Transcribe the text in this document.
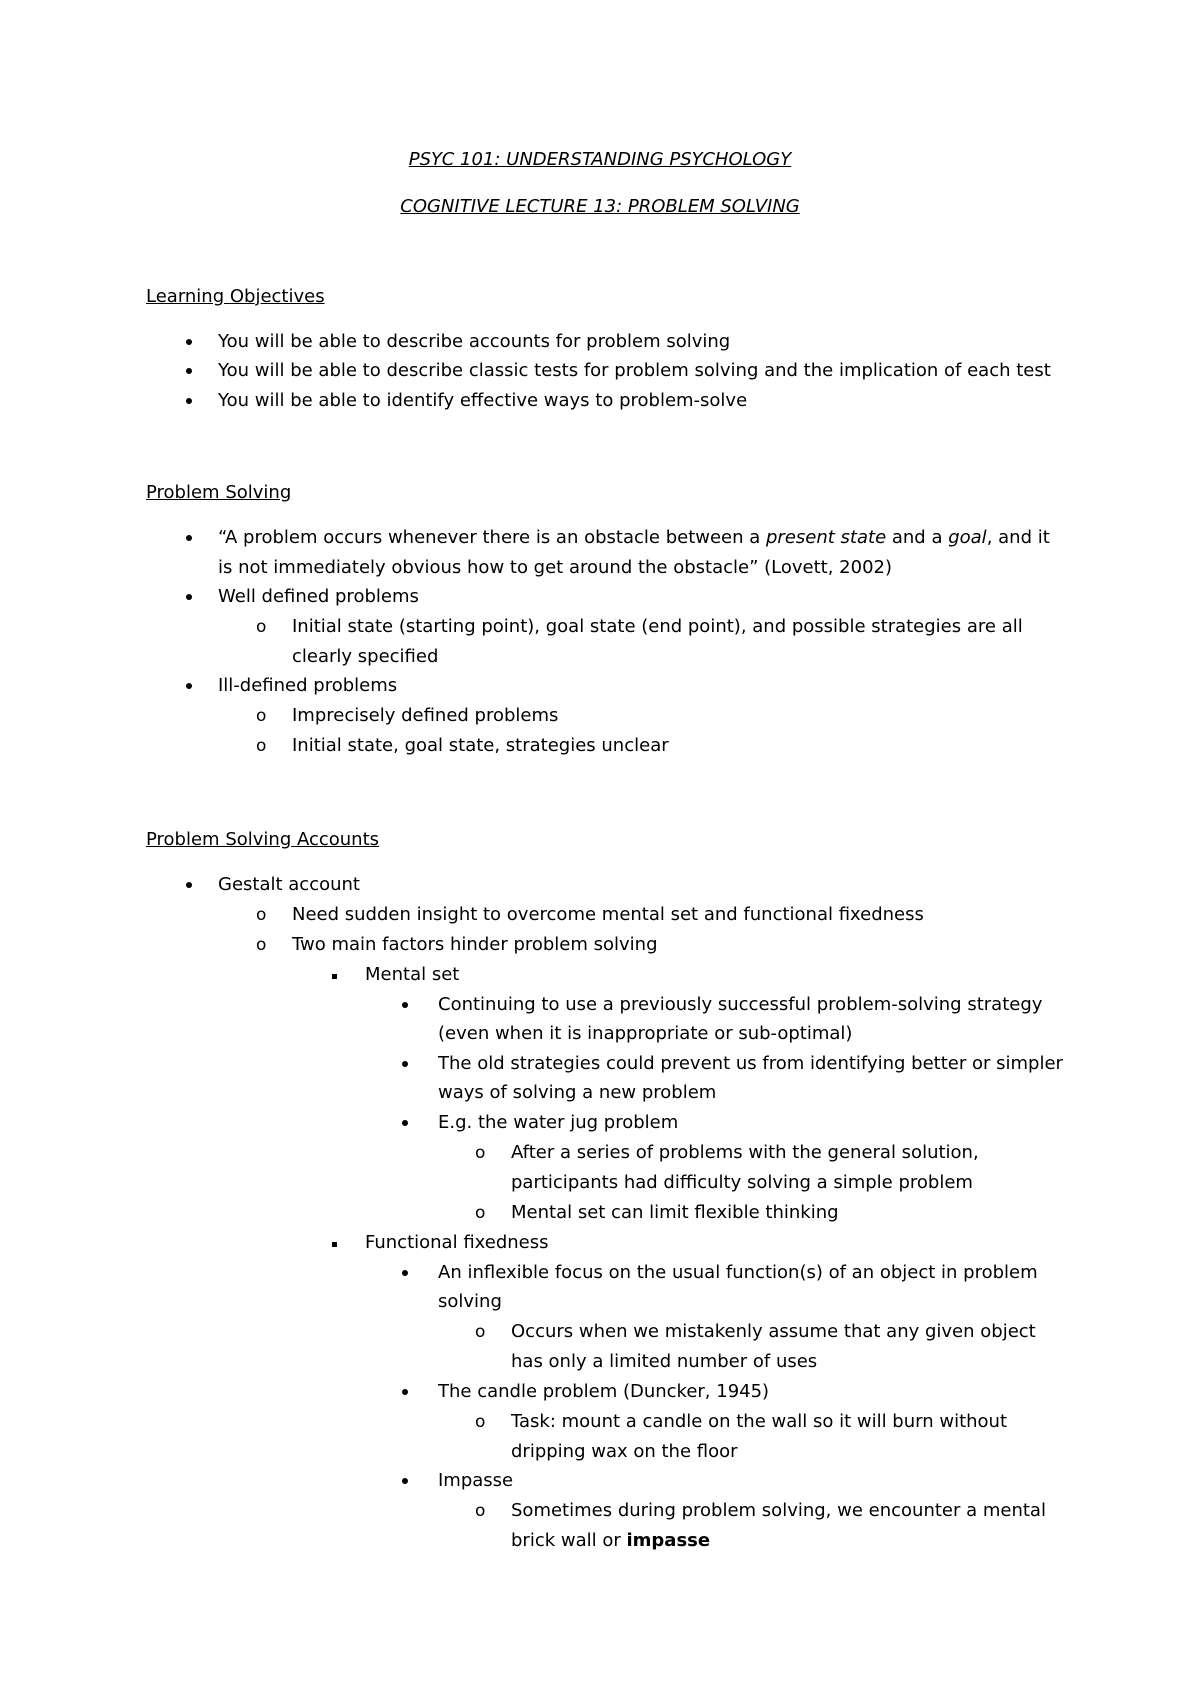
PSYC 101: UNDERSTANDING PSYCHOLOGY
COGNITIVE LECTURE 13: PROBLEM SOLVING
Learning Objectives
You will be able to describe accounts for problem solving
You will be able to describe classic tests for problem solving and the implication of each test
You will be able to identify effective ways to problem-solve
Problem Solving
“A problem occurs whenever there is an obstacle between a present state and a goal, and it
is not immediately obvious how to get around the obstacle” (Lovett, 2002)
Well defined problems
o Initial state (starting point), goal state (end point), and possible strategies are all
clearly specified
Ill-defined problems
o Imprecisely defined problems
o Initial state, goal state, strategies unclear
Problem Solving Accounts
Gestalt account
o Need sudden insight to overcome mental set and functional fixedness
o Two main factors hinder problem solving
Mental set
Continuing to use a previously successful problem-solving strategy
(even when it is inappropriate or sub-optimal)
The old strategies could prevent us from identifying better or simpler
ways of solving a new problem
E.g. the water jug problem
o After a series of problems with the general solution,
participants had difficulty solving a simple problem
o Mental set can limit flexible thinking
Functional fixedness
An inflexible focus on the usual function(s) of an object in problem
solving
o Occurs when we mistakenly assume that any given object
has only a limited number of uses
The candle problem (Duncker, 1945)
o Task: mount a candle on the wall so it will burn without
dripping wax on the floor
Impasse
o Sometimes during problem solving, we encounter a mental
brick wall or impasse
